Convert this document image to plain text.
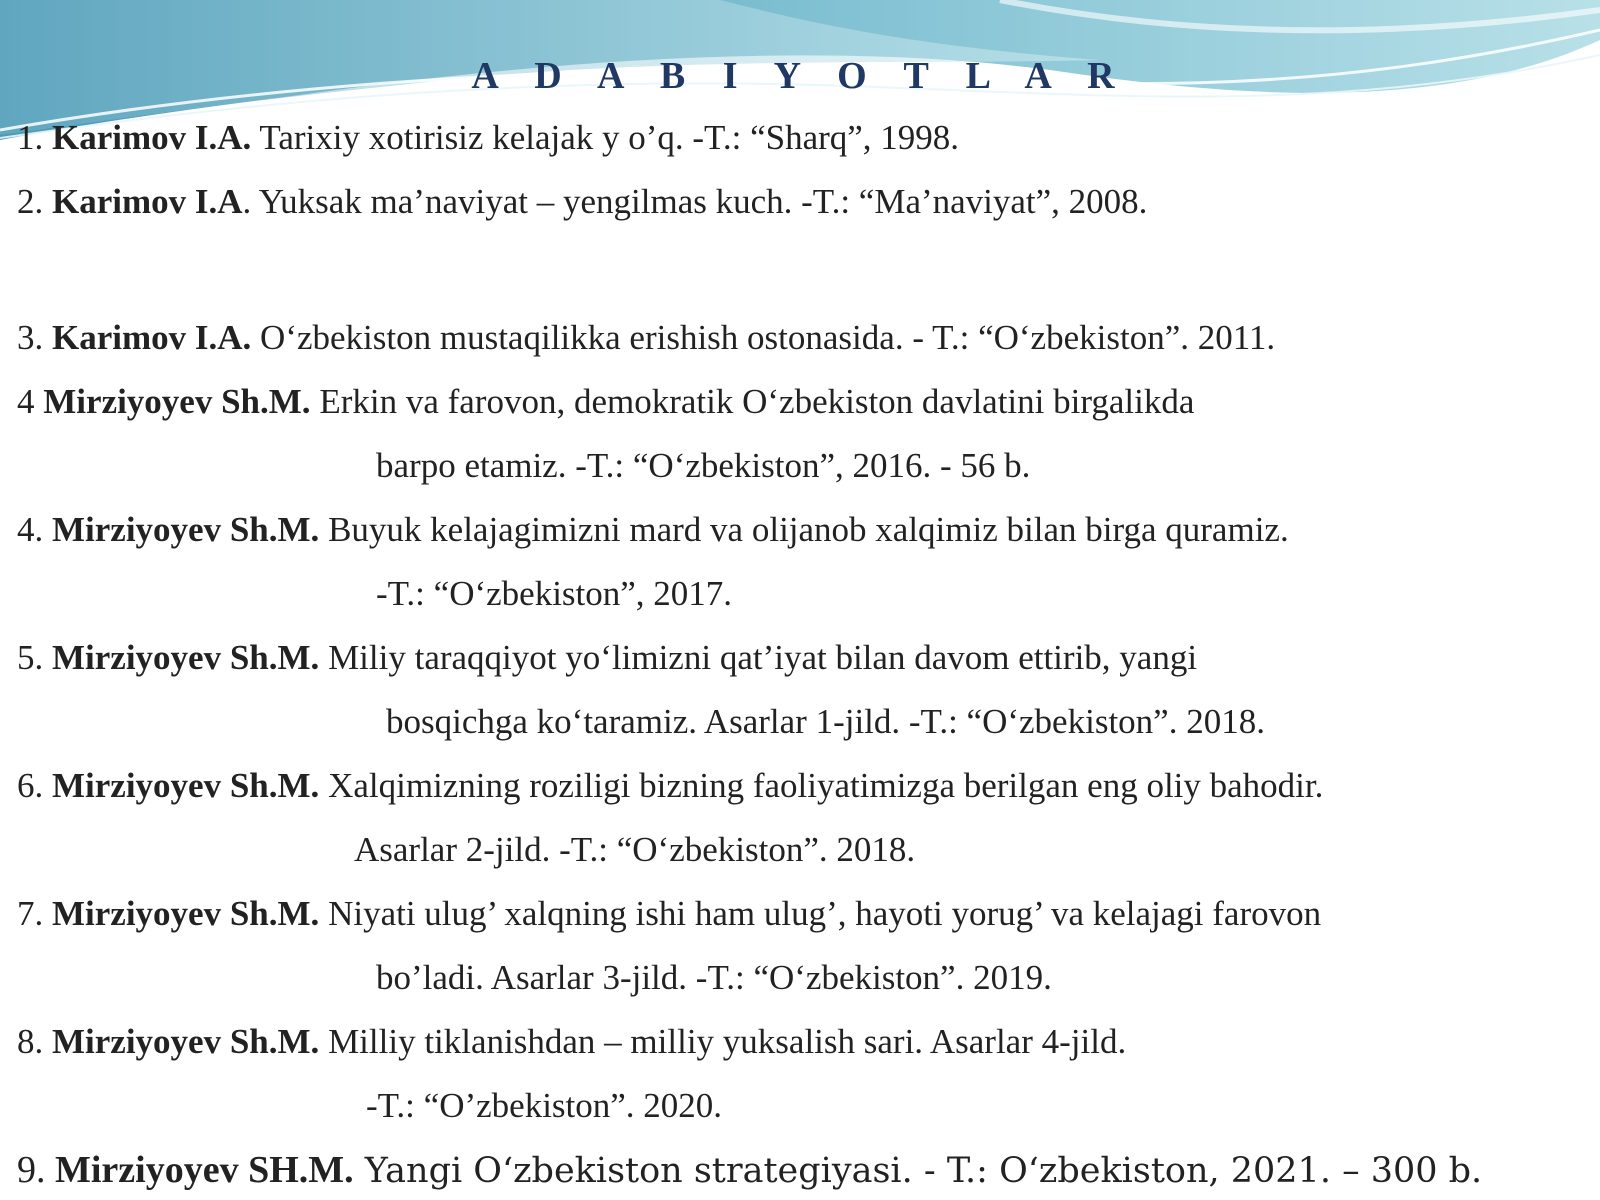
A D A B I Y O T L A R
1. Karimov I.A. Tarixiy xotirisiz kelajak y o’q. -T.: “Sharq”, 1998.
2. Karimov I.A. Yuksak ma’naviyat – yengilmas kuch. -T.: “Ma’naviyat”, 2008.
3. Karimov I.A. O‘zbekiston mustaqilikka erishish ostonasida. - T.: “O‘zbekiston”. 2011.
4 Mirziyoyev Sh.M. Erkin va farovon, demokratik O‘zbekiston davlatini birgalikda
barpo etamiz. -T.: “O‘zbekiston”, 2016. - 56 b.
4. Mirziyoyev Sh.M. Buyuk kelajagimizni mard va olijanob xalqimiz bilan birga quramiz.
-T.: “O‘zbekiston”, 2017.
5. Mirziyoyev Sh.M. Miliy taraqqiyot yo‘limizni qat’iyat bilan davom ettirib, yangi
bosqichga ko‘taramiz. Asarlar 1-jild. -T.: “O‘zbekiston”. 2018.
6. Mirziyoyev Sh.M. Xalqimizning roziligi bizning faoliyatimizga berilgan eng oliy bahodir.
Asarlar 2-jild. -T.: “O‘zbekiston”. 2018.
7. Mirziyoyev Sh.M. Niyati ulug’ xalqning ishi ham ulug’, hayoti yorug’ va kelajagi farovon
bo’ladi. Asarlar 3-jild. -T.: “O‘zbekiston”. 2019.
8. Mirziyoyev Sh.M. Milliy tiklanishdan – milliy yuksalish sari. Asarlar 4-jild.
-T.: “O’zbekiston”. 2020.
9. Mirziyoyev SH.M. Yangi O‘zbekiston strategiyasi. - T.: O‘zbekiston, 2021. – 300 b.
